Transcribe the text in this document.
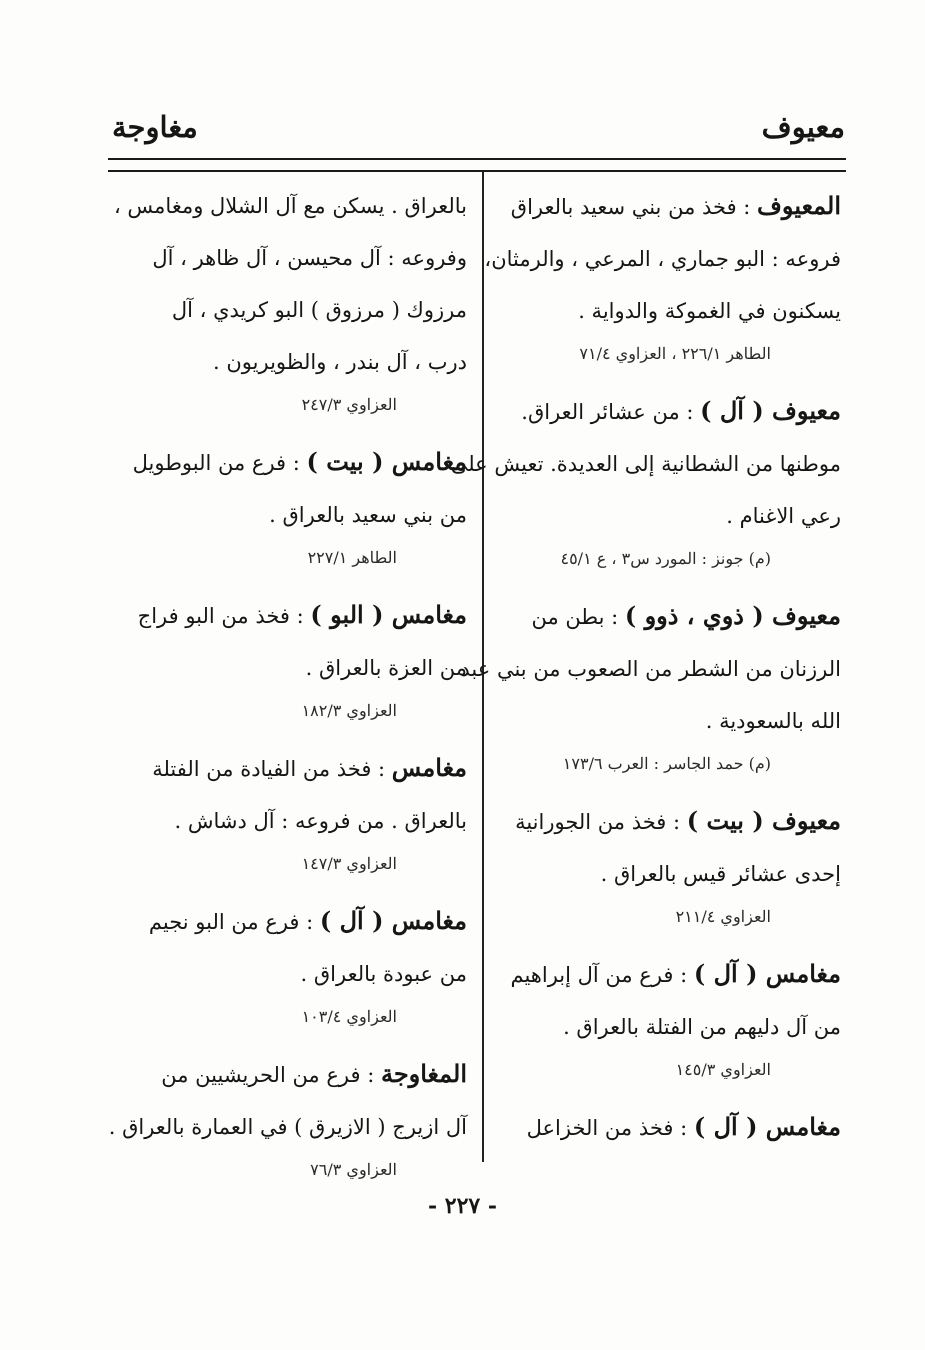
معيوف
مغاوجة
المعيوف : فخذ من بني سعيد بالعراق
فروعه : البو جماري ، المرعي ، والرمثان،
يسكنون في الغموكة والدواية .
الطاهر ٢٢٦/١ ، العزاوي ٧١/٤
معيوف ( آل ) : من عشائر العراق.
موطنها من الشطانية إلى العديدة. تعيش على
رعي الاغنام .
(م) جونز : المورد س٣ ، ع ٤٥/١
معيوف ( ذوي ، ذوو ) : بطن من
الرزنان من الشطر من الصعوب من بني عبد
الله بالسعودية .
(م) حمد الجاسر : العرب ١٧٣/٦
معيوف ( بيت ) : فخذ من الجورانية
إحدى عشائر قيس بالعراق .
العزاوي ٢١١/٤
مغامس ( آل ) : فرع من آل إبراهيم
من آل دليهم من الفتلة بالعراق .
العزاوي ١٤٥/٣
مغامس ( آل ) : فخذ من الخزاعل
بالعراق . يسكن مع آل الشلال ومغامس ،
وفروعه : آل محيسن ، آل ظاهر ، آل
مرزوك ( مرزوق ) البو كريدي ، آل
درب ، آل بندر ، والظويريون .
العزاوي ٢٤٧/٣
مغامس ( بيت ) : فرع من البوطويل
من بني سعيد بالعراق .
الطاهر ٢٢٧/١
مغامس ( البو ) : فخذ من البو فراج
من العزة بالعراق .
العزاوي ١٨٢/٣
مغامس : فخذ من الفيادة من الفتلة
بالعراق . من فروعه : آل دشاش .
العزاوي ١٤٧/٣
مغامس ( آل ) : فرع من البو نجيم
من عبودة بالعراق .
العزاوي ١٠٣/٤
المغاوجة : فرع من الحريشيين من
آل ازيرج ( الازيرق ) في العمارة بالعراق .
العزاوي ٧٦/٣
- ٢٢٧ -
